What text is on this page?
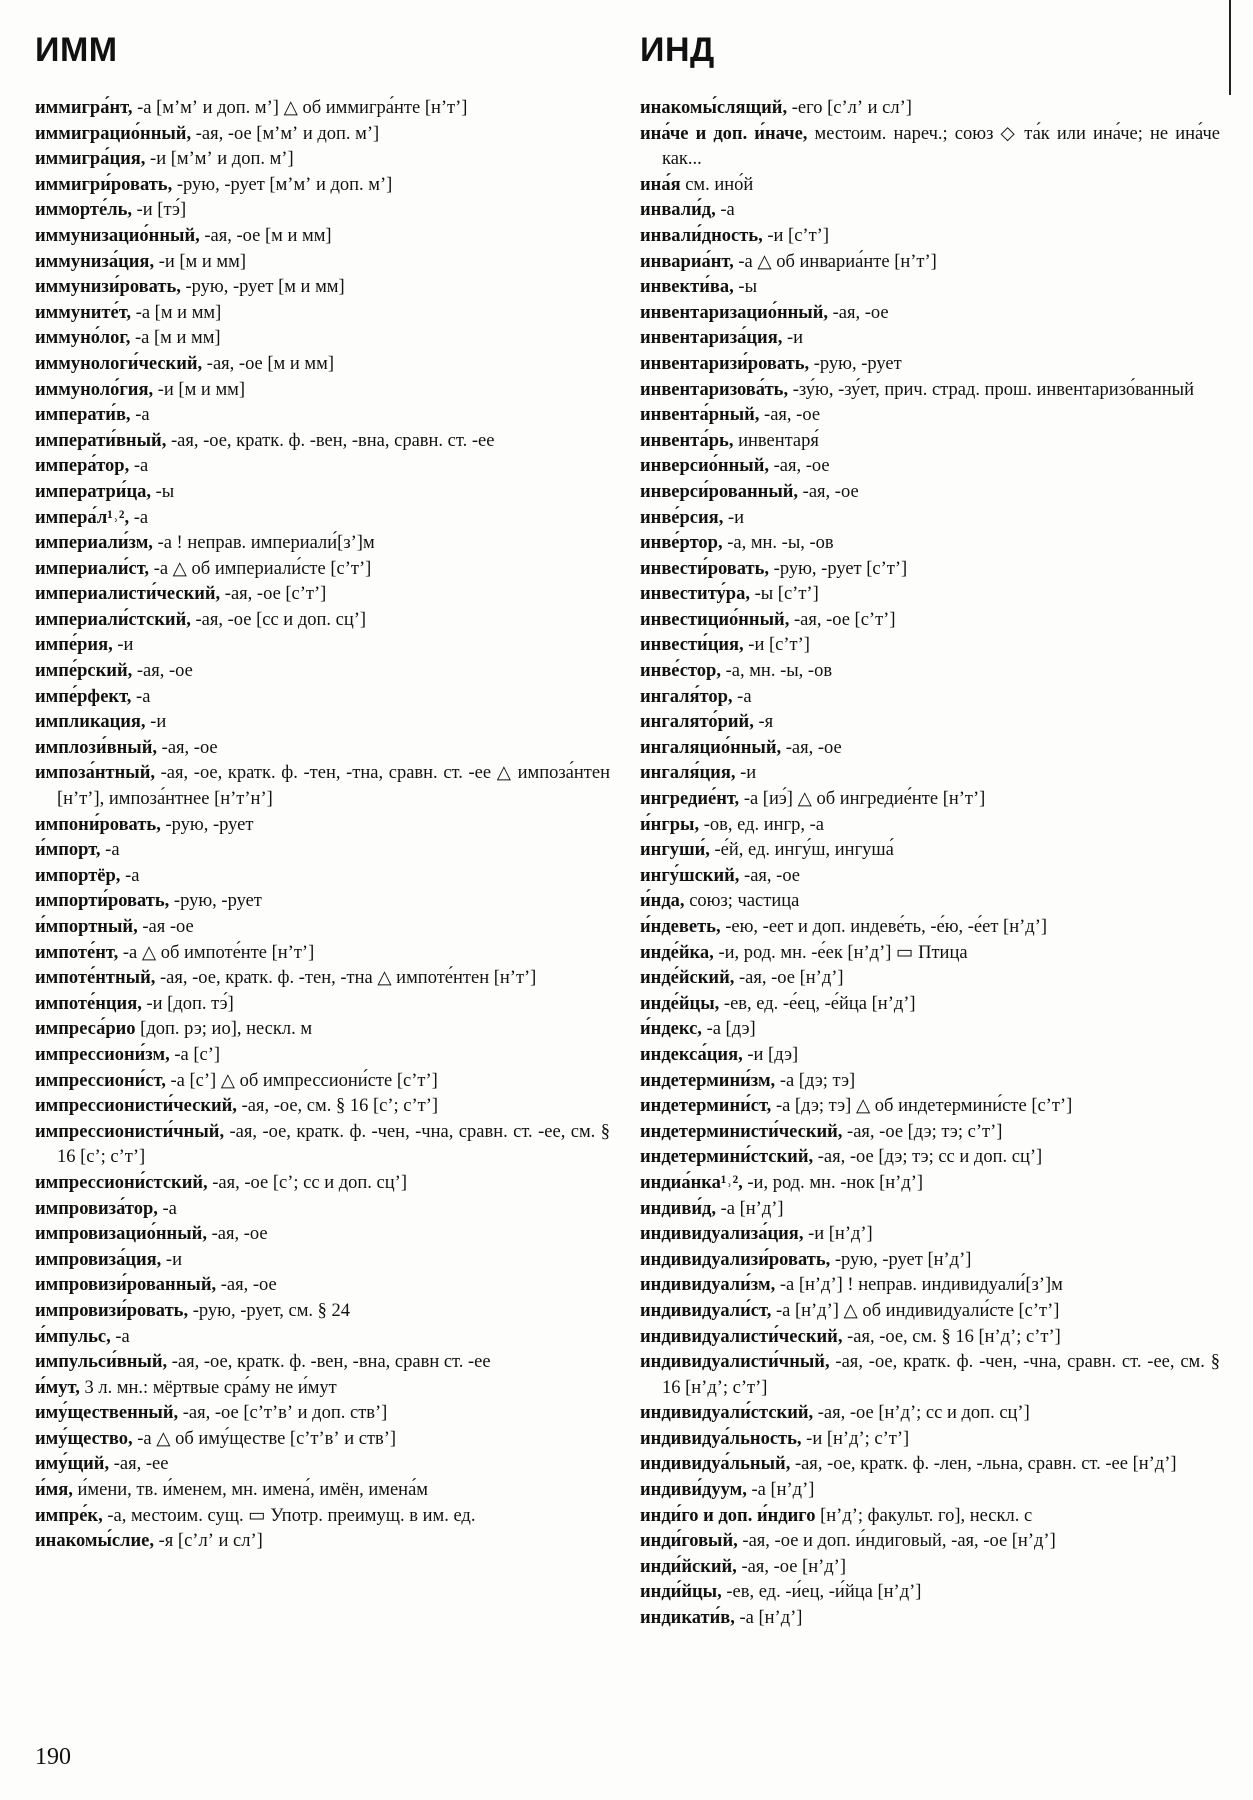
ИММ
иммигра́нт, -а [мʼмʼ и доп. мʼ] △ об иммигра́нте [нʼтʼ]
иммиграцио́нный, -ая, -ое [мʼмʼ и доп. мʼ]
иммигра́ция, -и [мʼмʼ и доп. мʼ]
иммигри́ровать, -рую, -рует [мʼмʼ и доп. мʼ]
имморте́ль, -и [тэ́]
иммунизацио́нный, -ая, -ое [м и мм]
иммуниза́ция, -и [м и мм]
иммунизи́ровать, -рую, -рует [м и мм]
иммуните́т, -а [м и мм]
иммуно́лог, -а [м и мм]
иммунологи́ческий, -ая, -ое [м и мм]
иммуноло́гия, -и [м и мм]
императи́в, -а
императи́вный, -ая, -ое, кратк. ф. -вен, -вна, сравн. ст. -ее
импера́тор, -а
императри́ца, -ы
импера́л¹˒², -а
империали́зм, -а ! неправ. империали́[зʼ]м
империали́ст, -а △ об империали́сте [сʼтʼ]
империалисти́ческий, -ая, -ое [сʼтʼ]
империали́стский, -ая, -ое [сс и доп. сцʼ]
импе́рия, -и
импе́рский, -ая, -ое
импе́рфект, -а
импликация, -и
имплози́вный, -ая, -ое
импоза́нтный, -ая, -ое, кратк. ф. -тен, -тна, сравн. ст. -ее △ импоза́нтен [нʼтʼ], импоза́нтнее [нʼтʼнʼ]
импони́ровать, -рую, -рует
и́мпорт, -а
импортёр, -а
импорти́ровать, -рую, -рует
и́мпортный, -ая -ое
импоте́нт, -а △ об импоте́нте [нʼтʼ]
импоте́нтный, -ая, -ое, кратк. ф. -тен, -тна △ импоте́нтен [нʼтʼ]
импоте́нция, -и [доп. тэ́]
импреса́рио [доп. рэ; ио], нескл. м
импрессиони́зм, -а [сʼ]
импрессиони́ст, -а [сʼ] △ об импрессиони́сте [сʼтʼ]
импрессионисти́ческий, -ая, -ое, см. § 16 [сʼ; сʼтʼ]
импрессионисти́чный, -ая, -ое, кратк. ф. -чен, -чна, сравн. ст. -ее, см. § 16 [сʼ; сʼтʼ]
импрессиони́стский, -ая, -ое [сʼ; сс и доп. сцʼ]
импровиза́тор, -а
импровизацио́нный, -ая, -ое
импровиза́ция, -и
импровизи́рованный, -ая, -ое
импровизи́ровать, -рую, -рует, см. § 24
и́мпульс, -а
импульси́вный, -ая, -ое, кратк. ф. -вен, -вна, сравн ст. -ее
и́мут, 3 л. мн.: мёртвые сра́му не и́мут
иму́щественный, -ая, -ое [сʼтʼвʼ и доп. ствʼ]
иму́щество, -а △ об иму́ществе [сʼтʼвʼ и ствʼ]
иму́щий, -ая, -ее
и́мя, и́мени, тв. и́менем, мн. имена́, имён, имена́м
импре́к, -а, местоим. сущ. ▭ Употр. преимущ. в им. ед.
инакомы́слие, -я [сʼлʼ и слʼ]
ИНД
инакомы́слящий, -его [сʼлʼ и слʼ]
ина́че и доп. и́наче, местоим. нареч.; союз ◇ та́к или ина́че; не ина́че как...
ина́я см. ино́й
инвали́д, -а
инвали́дность, -и [сʼтʼ]
инвариа́нт, -а △ об инвариа́нте [нʼтʼ]
инвекти́ва, -ы
инвентаризацио́нный, -ая, -ое
инвентариза́ция, -и
инвентаризи́ровать, -рую, -рует
инвентаризова́ть, -зу́ю, -зу́ет, прич. страд. прош. инвентаризо́ванный
инвента́рный, -ая, -ое
инвента́рь, инвентаря́
инверсио́нный, -ая, -ое
инверси́рованный, -ая, -ое
инве́рсия, -и
инве́ртор, -а, мн. -ы, -ов
инвести́ровать, -рую, -рует [сʼтʼ]
инвеститу́ра, -ы [сʼтʼ]
инвестицио́нный, -ая, -ое [сʼтʼ]
инвести́ция, -и [сʼтʼ]
инве́стор, -а, мн. -ы, -ов
ингаля́тор, -а
ингалято́рий, -я
ингаляцио́нный, -ая, -ое
ингаля́ция, -и
ингредие́нт, -а [иэ́] △ об ингредие́нте [нʼтʼ]
и́нгры, -ов, ед. ингр, -а
ингуши́, -е́й, ед. ингу́ш, ингуша́
ингу́шский, -ая, -ое
и́нда, союз; частица
и́ндеветь, -ею, -еет и доп. индеве́ть, -е́ю, -е́ет [нʼдʼ]
инде́йка, -и, род. мн. -е́ек [нʼдʼ] ▭ Птица
инде́йский, -ая, -ое [нʼдʼ]
инде́йцы, -ев, ед. -е́ец, -е́йца [нʼдʼ]
и́ндекс, -а [дэ]
индекса́ция, -и [дэ]
индетермини́зм, -а [дэ; тэ]
индетермини́ст, -а [дэ; тэ] △ об индетермини́сте [сʼтʼ]
индетерминисти́ческий, -ая, -ое [дэ; тэ; сʼтʼ]
индетермини́стский, -ая, -ое [дэ; тэ; сс и доп. сцʼ]
индиа́нка¹˒², -и, род. мн. -нок [нʼдʼ]
индиви́д, -а [нʼдʼ]
индивидуализа́ция, -и [нʼдʼ]
индивидуализи́ровать, -рую, -рует [нʼдʼ]
индивидуали́зм, -а [нʼдʼ] ! неправ. индивидуали́[зʼ]м
индивидуали́ст, -а [нʼдʼ] △ об индивидуали́сте [сʼтʼ]
индивидуалисти́ческий, -ая, -ое, см. § 16 [нʼдʼ; сʼтʼ]
индивидуалисти́чный, -ая, -ое, кратк. ф. -чен, -чна, сравн. ст. -ее, см. § 16 [нʼдʼ; сʼтʼ]
индивидуали́стский, -ая, -ое [нʼдʼ; сс и доп. сцʼ]
индивидуа́льность, -и [нʼдʼ; сʼтʼ]
индивидуа́льный, -ая, -ое, кратк. ф. -лен, -льна, сравн. ст. -ее [нʼдʼ]
индиви́дуум, -а [нʼдʼ]
инди́го и доп. и́ндиго [нʼдʼ; факульт. го], нескл. с
инди́говый, -ая, -ое и доп. и́ндиговый, -ая, -ое [нʼдʼ]
инди́йский, -ая, -ое [нʼдʼ]
инди́йцы, -ев, ед. -и́ец, -и́йца [нʼдʼ]
индикати́в, -а [нʼдʼ]
190
